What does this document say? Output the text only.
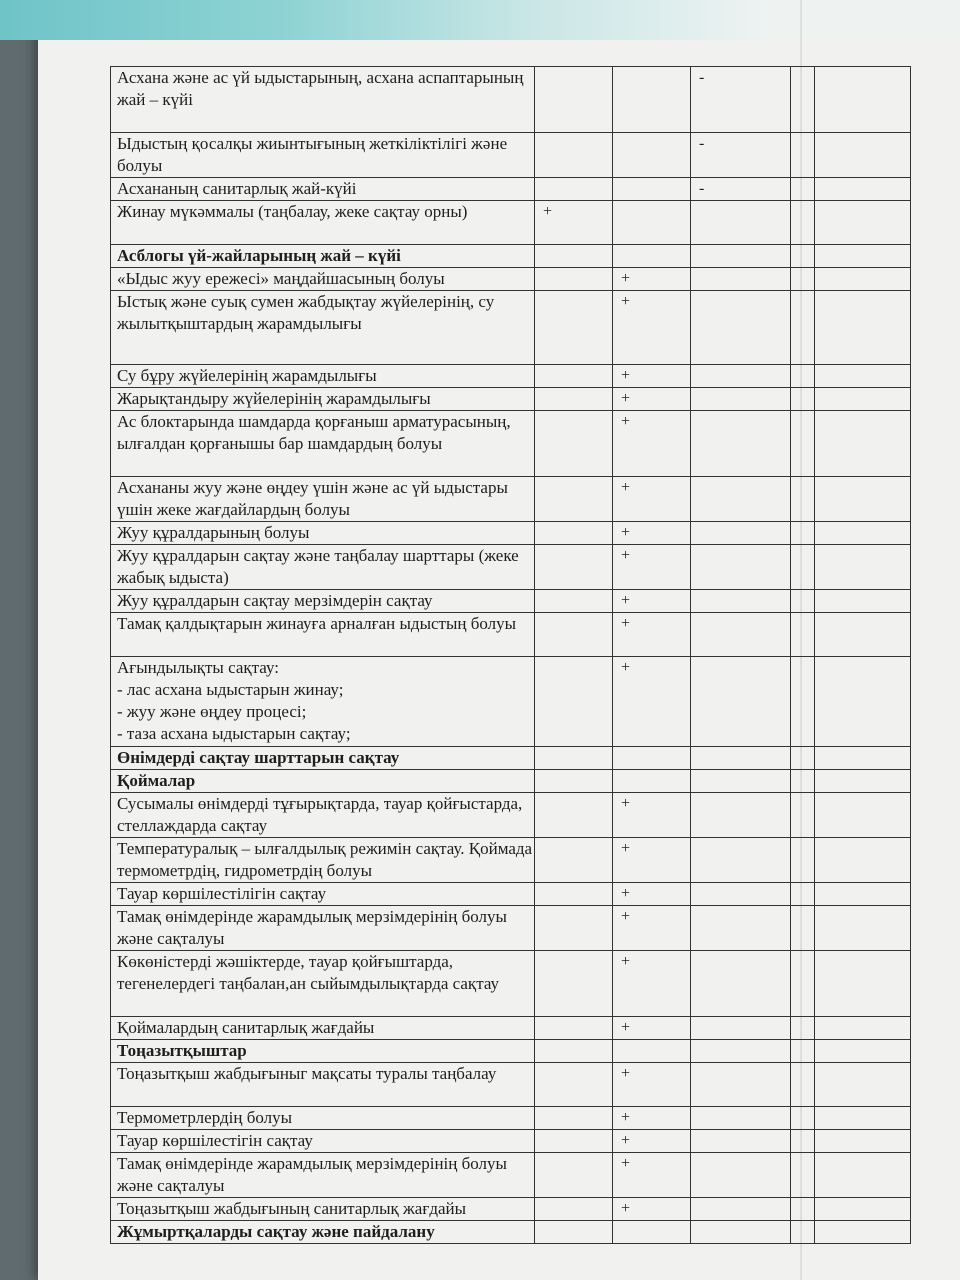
Асхана және ас үй ыдыстарының, асхана аспаптарының жай – күйі			-		
Ыдыстың қосалқы жиынтығының жеткіліктілігі және болуы			-		
Асхананың санитарлық жай-күйі			-		
Жинау мүкәммалы (таңбалау, жеке сақтау орны)	+				
Асблогы үй-жайларының жай – күйі					
«Ыдыс жуу ережесі» маңдайшасының болуы		+			
Ыстық және суық сумен жабдықтау жүйелерінің, су жылытқыштардың жарамдылығы		+			
Су бұру жүйелерінің жарамдылығы		+			
Жарықтандыру жүйелерінің жарамдылығы		+			
Ас блоктарында шамдарда қорғаныш арматурасының, ылғалдан қорғанышы бар шамдардың болуы		+			
Асхананы жуу және өңдеу үшін және ас үй ыдыстары үшін жеке жағдайлардың болуы		+			
Жуу құралдарының болуы		+			
Жуу құралдарын сақтау және таңбалау шарттары (жеке жабық ыдыста)		+			
Жуу құралдарын сақтау мерзімдерін сақтау		+			
Тамақ қалдықтарын жинауға арналған ыдыстың болуы		+			
Ағындылықты сақтау:
- лас асхана ыдыстарын жинау;
- жуу және өңдеу процесі;
- таза асхана ыдыстарын сақтау;		+			
Өнімдерді сақтау шарттарын сақтау					
Қоймалар					
Сусымалы өнімдерді тұғырықтарда, тауар қойғыстарда, стеллаждарда сақтау		+			
Температуралық – ылғалдылық режимін сақтау. Қоймада термометрдің, гидрометрдің болуы		+			
Тауар көршілестілігін сақтау		+			
Тамақ өнімдерінде жарамдылық мерзімдерінің болуы және сақталуы		+			
Көкөністерді жәшіктерде, тауар қойғыштарда, тегенелердегі таңбалан,ан сыйымдылықтарда сақтау		+			
Қоймалардың санитарлық жағдайы		+			
Тоңазытқыштар					
Тоңазытқыш жабдығыныг мақсаты туралы таңбалау		+			
Термометрлердің болуы		+			
Тауар көршілестігін сақтау		+			
Тамақ өнімдерінде жарамдылық мерзімдерінің болуы және сақталуы		+			
Тоңазытқыш жабдығының санитарлық жағдайы		+			
Жұмыртқаларды сақтау және пайдалану					
